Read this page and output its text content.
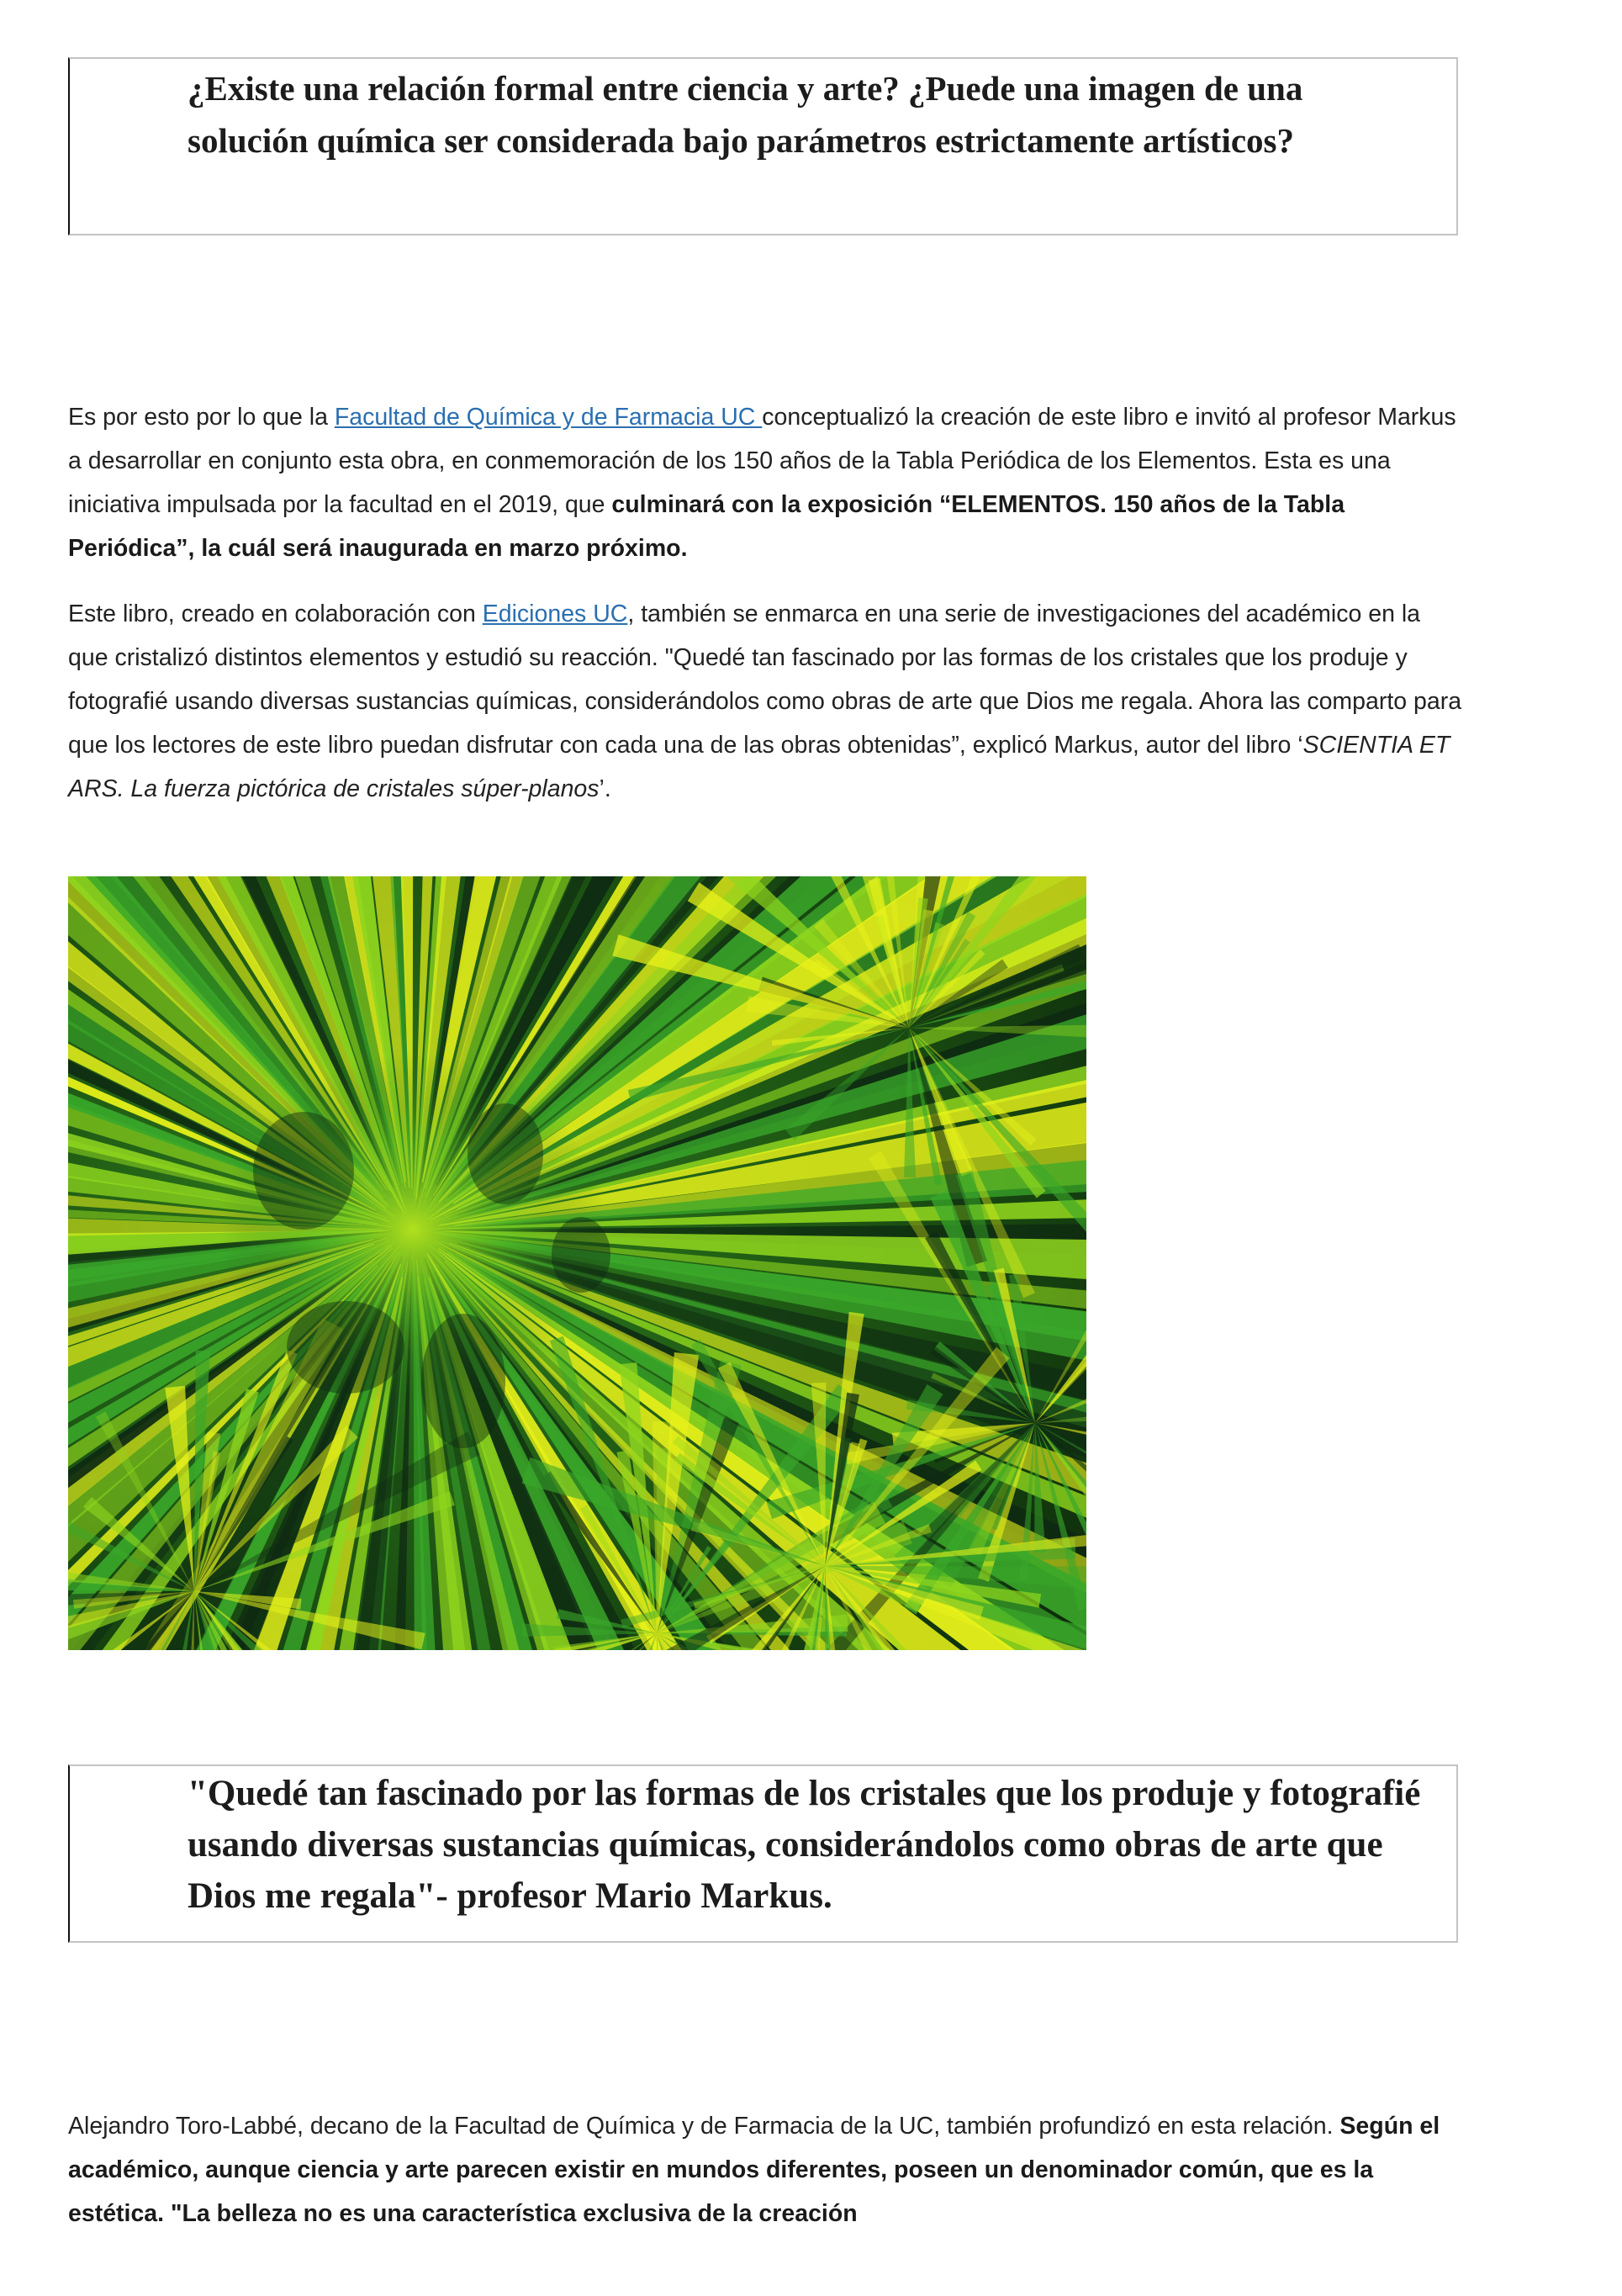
¿Existe una relación formal entre ciencia y arte? ¿Puede una imagen de una solución química ser considerada bajo parámetros estrictamente artísticos?

Es por esto por lo que la Facultad de Química y de Farmacia UC conceptualizó la creación de este libro e invitó al profesor Markus a desarrollar en conjunto esta obra, en conmemoración de los 150 años de la Tabla Periódica de los Elementos. Esta es una iniciativa impulsada por la facultad en el 2019, que culminará con la exposición “ELEMENTOS. 150 años de la Tabla Periódica”, la cuál será inaugurada en marzo próximo.

Este libro, creado en colaboración con Ediciones UC, también se enmarca en una serie de investigaciones del académico en la que cristalizó distintos elementos y estudió su reacción. "Quedé tan fascinado por las formas de los cristales que los produje y fotografié usando diversas sustancias químicas, considerándolos como obras de arte que Dios me regala. Ahora las comparto para que los lectores de este libro puedan disfrutar con cada una de las obras obtenidas”, explicó Markus, autor del libro ‘SCIENTIA ET ARS. La fuerza pictórica de cristales súper-planos’.

"Quedé tan fascinado por las formas de los cristales que los produje y fotografié usando diversas sustancias químicas, considerándolos como obras de arte que Dios me regala"- profesor Mario Markus.

Alejandro Toro-Labbé, decano de la Facultad de Química y de Farmacia de la UC, también profundizó en esta relación. Según el académico, aunque ciencia y arte parecen existir en mundos diferentes, poseen un denominador común, que es la estética. "La belleza no es una característica exclusiva de la creación
